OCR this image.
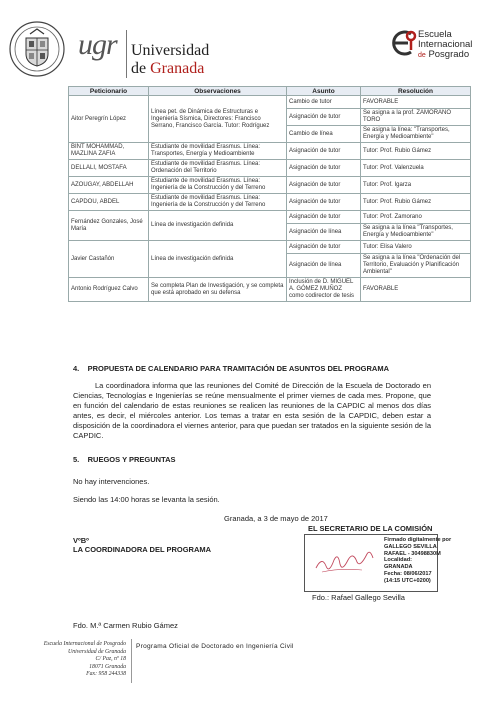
ugr Universidad
de Granada
Escuela
Internacional
de Posgrado
Peticionario	Observaciones	Asunto	Resolución
Aitor Peregrín López	Línea pet. de Dinámica de Estructuras e Ingeniería Sísmica, Directores: Francisco Serrano, Francisco García. Tutor: Rodríguez	Cambio de tutor	FAVORABLE
		Asignación de tutor	Se asigna a la prof. ZAMORANO TORO
		Cambio de línea	Se asigna la línea: "Transportes, Energía y Medioambiente"
BINT MOHAMMAD, MAZLINA ZAFIA	Estudiante de movilidad Erasmus. Línea: Transportes, Energía y Medioambiente	Asignación de tutor	Tutor: Prof. Rubio Gámez
DELLALI, MOSTAFA	Estudiante de movilidad Erasmus. Línea: Ordenación del Territorio	Asignación de tutor	Tutor: Prof. Valenzuela
AZOUGAY, ABDELLAH	Estudiante de movilidad Erasmus. Línea: Ingeniería de la Construcción y del Terreno	Asignación de tutor	Tutor: Prof. Igarza
CAPDOU, ABDEL	Estudiante de movilidad Erasmus. Línea: Ingeniería de la Construcción y del Terreno	Asignación de tutor	Tutor: Prof. Rubio Gámez
Fernández Gonzales, José María	Línea de investigación definida	Asignación de tutor	Tutor: Prof. Zamorano
		Asignación de línea	Se asigna a la línea "Transportes, Energía y Medioambiente"
Javier Castañón	Línea de investigación definida	Asignación de tutor	Tutor: Elisa Valero
		Asignación de línea	Se asigna a la línea "Ordenación del Territorio, Evaluación y Planificación Ambiental"
Antonio Rodríguez Calvo	Se completa Plan de Investigación, y se completa que está aprobado en su defensa	Inclusión de D. MIGUEL A. GÓMEZ MUÑOZ como codirector de tesis	FAVORABLE
4. PROPUESTA DE CALENDARIO PARA TRAMITACIÓN DE ASUNTOS DEL PROGRAMA
La coordinadora informa que las reuniones del Comité de Dirección de la Escuela de Doctorado en Ciencias, Tecnologías e Ingenierías se reúne mensualmente el primer viernes de cada mes. Propone, que en función del calendario de estas reuniones se realicen las reuniones de la CAPDIC al menos dos días antes, es decir, el miércoles anterior. Los temas a tratar en esta sesión de la CAPDIC, deben estar a disposición de la coordinadora el viernes anterior, para que puedan ser tratados en la siguiente sesión de la CAPDIC.
5. RUEGOS Y PREGUNTAS
No hay intervenciones.
Siendo las 14:00 horas se levanta la sesión.
Granada, a 3 de mayo de 2017
EL SECRETARIO DE LA COMISIÓN
VºBº
LA COORDINADORA DEL PROGRAMA
Firmado digitalmente por
GALLEGO SEVILLA
RAFAEL - 30498830M
Localidad:
GRANADA
Fecha: 08/06/2017
(14:15 UTC+0200)
Fdo.: Rafael Gallego Sevilla
Fdo. M.ª Carmen Rubio Gámez
Escuela Internacional de Posgrado
Universidad de Granada
C/ Paz, nº 18
18071 Granada
Fax: 958 244338
Programa Oficial de Doctorado en Ingeniería Civil
